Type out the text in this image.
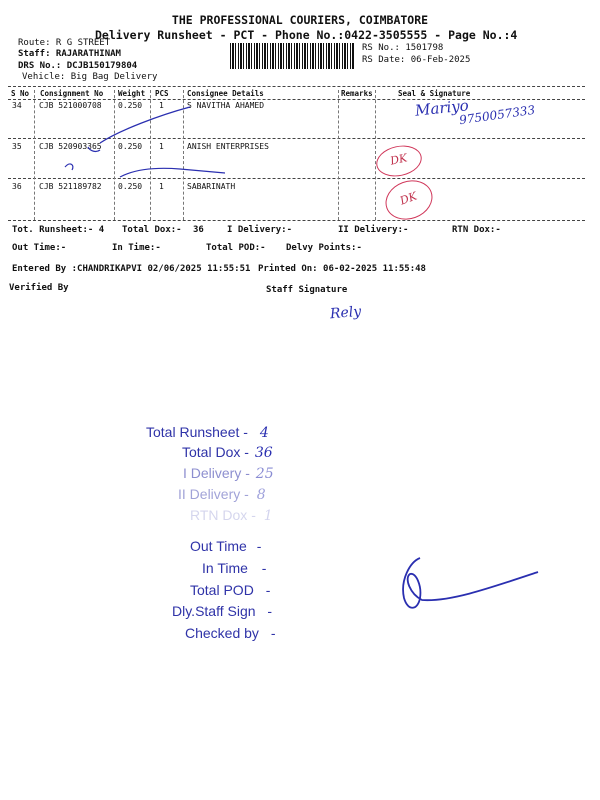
THE PROFESSIONAL COURIERS, COIMBATORE
Delivery Runsheet - PCT - Phone No.:0422-3505555 - Page No.:4
Route: R G STREET
Staff: RAJARATHINAM
DRS No.: DCJB150179804
Vehicle: Big Bag Delivery
RS No.: 1501798
RS Date: 06-Feb-2025
S No Consignment No Weight PCS Consignee Details	Remarks	Seal & Signature
34 CJB 521000708 0.250 1	S NAVITHA AHAMED
35 CJB 520903365 0.250 1	ANISH ENTERPRISES
36 CJB 521189782 0.250 1	SABARINATH
Mariyo
9750057333
DK
DK
Tot. Runsheet:- 4 Total Dox:- 36	I Delivery:-	II Delivery:-	RTN Dox:-
Out Time:-	In Time:-	Total POD:- Delvy Points:-
Entered By :CHANDRIKAPVI 02/06/2025 11:55:51 Printed On: 06-02-2025 11:55:48
Verified By	Staff Signature
Rely
Total Runsheet - 4
Total Dox - 36
I Delivery - 25
II Delivery - 8
RTN Dox - 1
Out Time -
In Time -
Total POD -
Dly.Staff Sign -
Checked by -
